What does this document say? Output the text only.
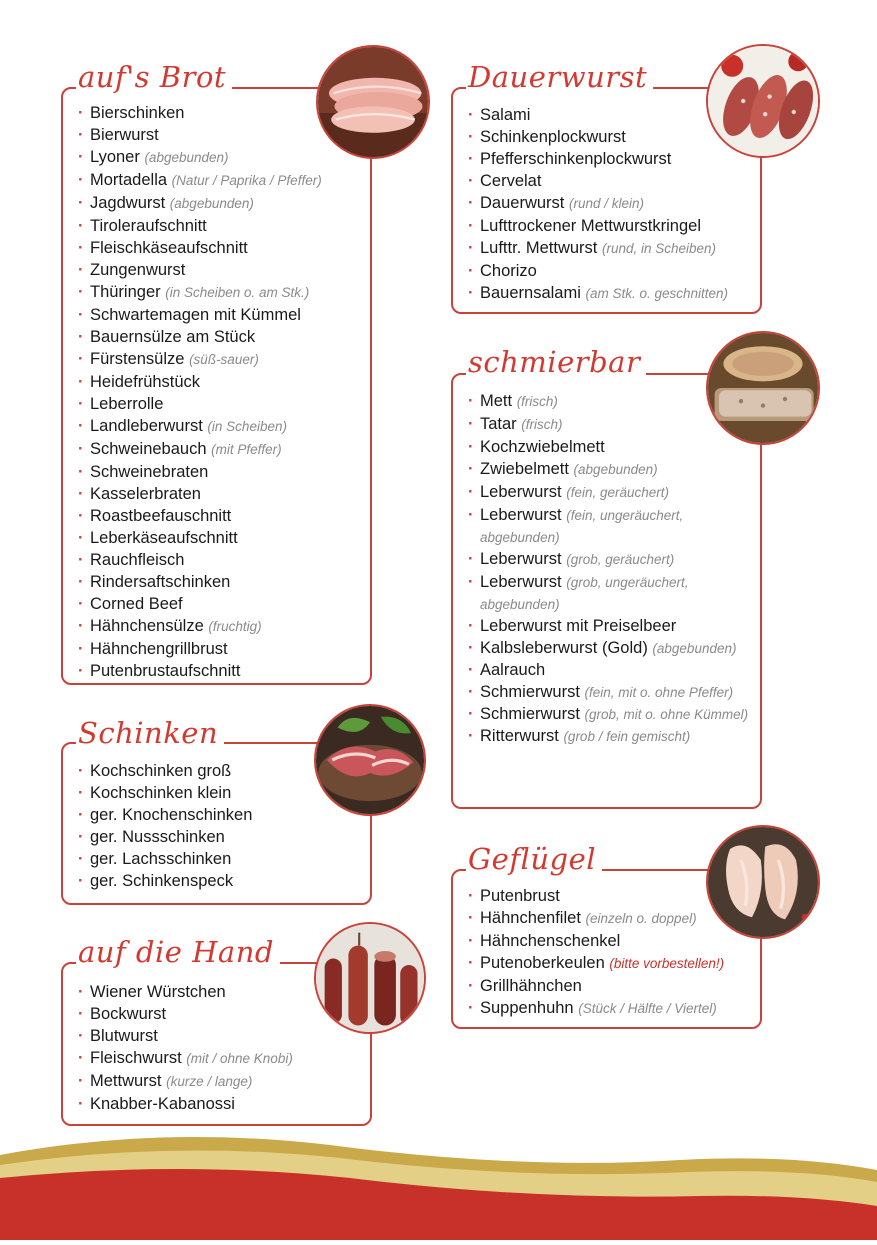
auf's Brot
· Bierschinken
· Bierwurst
· Lyoner (abgebunden)
· Mortadella (Natur / Paprika / Pfeffer)
· Jagdwurst (abgebunden)
· Tiroleraufschnitt
· Fleischkäseaufschnitt
· Zungenwurst
· Thüringer (in Scheiben o. am Stk.)
· Schwartemagen mit Kümmel
· Bauernsülze am Stück
· Fürstensülze (süß-sauer)
· Heidefrühstück
· Leberrolle
· Landleberwurst (in Scheiben)
· Schweinebauch (mit Pfeffer)
· Schweinebraten
· Kasselerbraten
· Roastbeefauschnitt
· Leberkäseaufschnitt
· Rauchfleisch
· Rindersaftschinken
· Corned Beef
· Hähnchensülze (fruchtig)
· Hähnchengrillbrust
· Putenbrustaufschnitt
Schinken
· Kochschinken groß
· Kochschinken klein
· ger. Knochenschinken
· ger. Nussschinken
· ger. Lachsschinken
· ger. Schinkenspeck
auf die Hand
· Wiener Würstchen
· Bockwurst
· Blutwurst
· Fleischwurst (mit / ohne Knobi)
· Mettwurst (kurze / lange)
· Knabber-Kabanossi
Dauerwurst
· Salami
· Schinkenplockwurst
· Pfefferschinkenplockwurst
· Cervelat
· Dauerwurst (rund / klein)
· Lufttrockener Mettwurstkringel
· Lufttr. Mettwurst (rund, in Scheiben)
· Chorizo
· Bauernsalami (am Stk. o. geschnitten)
schmierbar
· Mett (frisch)
· Tatar (frisch)
· Kochzwiebelmett
· Zwiebelmett (abgebunden)
· Leberwurst (fein, geräuchert)
· Leberwurst (fein, ungeräuchert, abgebunden)
· Leberwurst (grob, geräuchert)
· Leberwurst (grob, ungeräuchert, abgebunden)
· Leberwurst mit Preiselbeer
· Kalbsleberwurst (Gold) (abgebunden)
· Aalrauch
· Schmierwurst (fein, mit o. ohne Pfeffer)
· Schmierwurst (grob, mit o. ohne Kümmel)
· Ritterwurst (grob / fein gemischt)
Geflügel
· Putenbrust
· Hähnchenfilet (einzeln o. doppel)
· Hähnchenschenkel
· Putenoberkeulen (bitte vorbestellen!)
· Grillhähnchen
· Suppenhuhn (Stück / Hälfte / Viertel)
